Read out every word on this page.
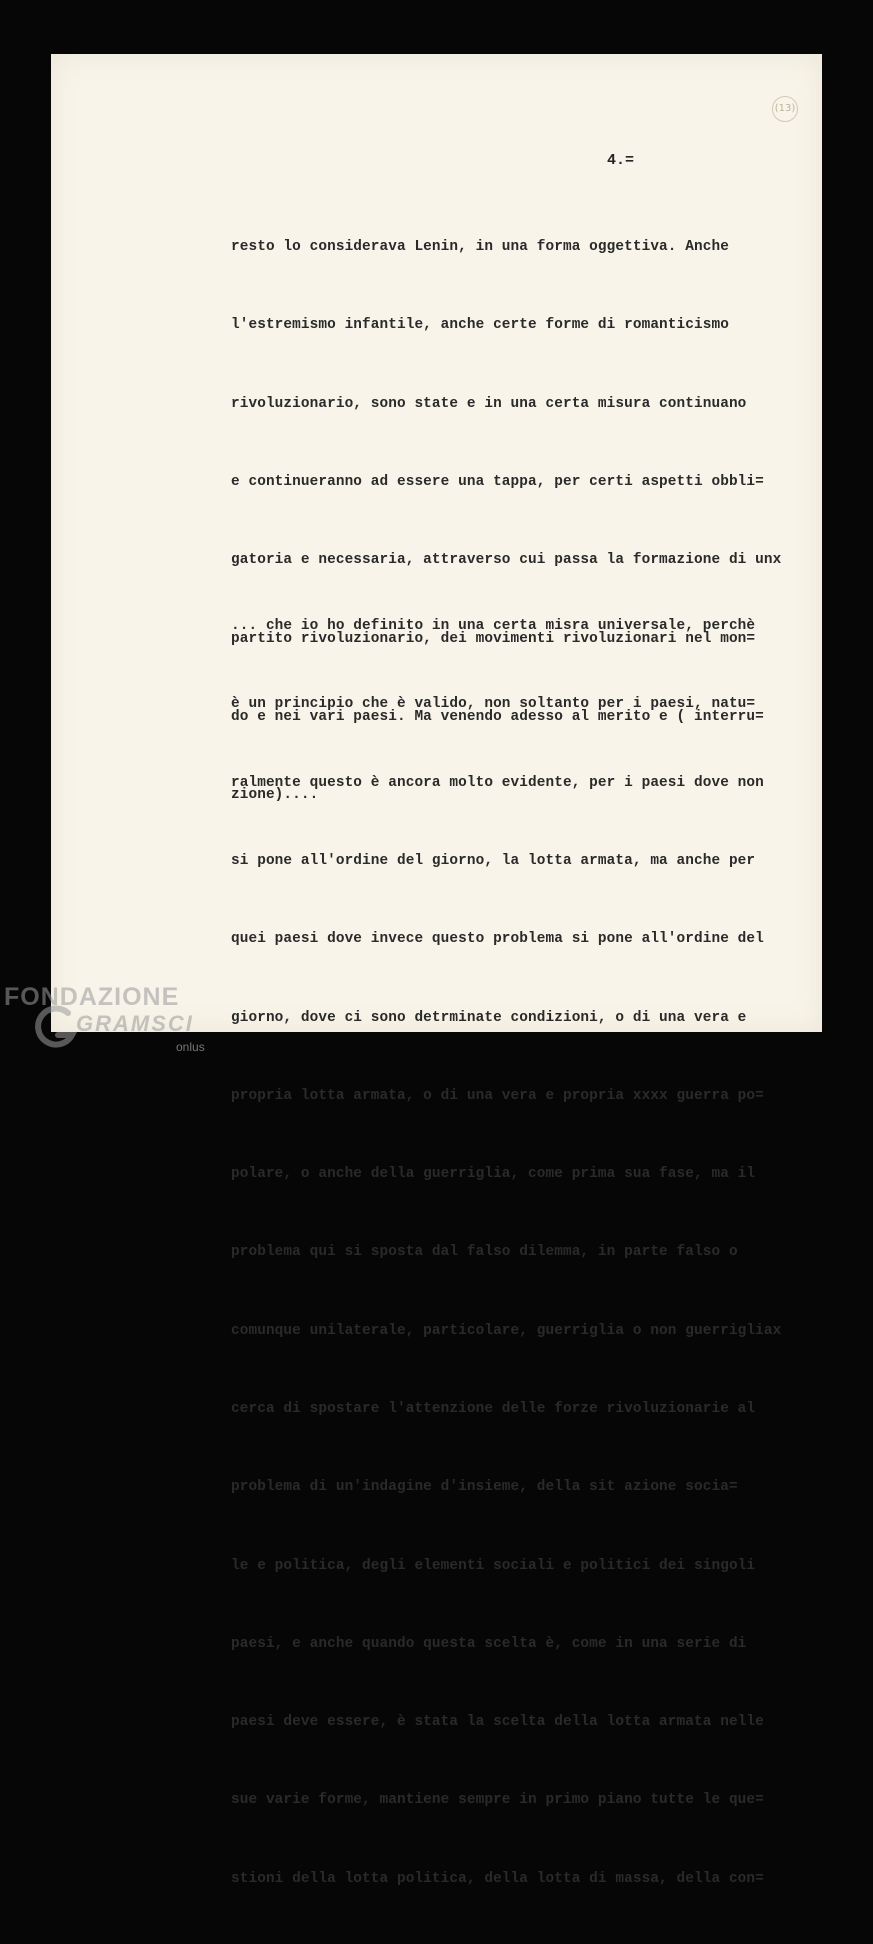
(13)
4.=

resto lo considerava Lenin, in una forma oggettiva. Anche

l'estremismo infantile, anche certe forme di romanticismo

rivoluzionario, sono state e in una certa misura continuano

e continueranno ad essere una tappa, per certi aspetti obbli=

gatoria e necessaria, attraverso cui passa la formazione di unx

partito rivoluzionario, dei movimenti rivoluzionari nel mon=

do e nei vari paesi. Ma venendo adesso al merito e ( interru=

zione)....

... che io ho definito in una certa misra universale, perchè

è un principio che è valido, non soltanto per i paesi, natu=

ralmente questo è ancora molto evidente, per i paesi dove non

si pone all'ordine del giorno, la lotta armata, ma anche per

quei paesi dove invece questo problema si pone all'ordine del

giorno, dove ci sono detrminate condizioni, o di una vera e

propria lotta armata, o di una vera e propria xxxx guerra po=

polare, o anche della guerriglia, come prima sua fase, ma il

problema qui si sposta dal falso dilemma, in parte falso o

comunque unilaterale, particolare, guerriglia o non guerrigliax

cerca di spostare l'attenzione delle forze rivoluzionarie al

problema di un'indagine d'insieme, della sit azione socia=

le e politica, degli elementi sociali e politici dei singoli

paesi, e anche quando questa scelta è, come in una serie di

paesi deve essere, è stata la scelta della lotta armata nelle

sue varie forme, mantiene sempre in primo piano tutte le que=

stioni della lotta politica, della lotta di massa, della con=

FONDAZIONE
GRAMSCI
onlus
